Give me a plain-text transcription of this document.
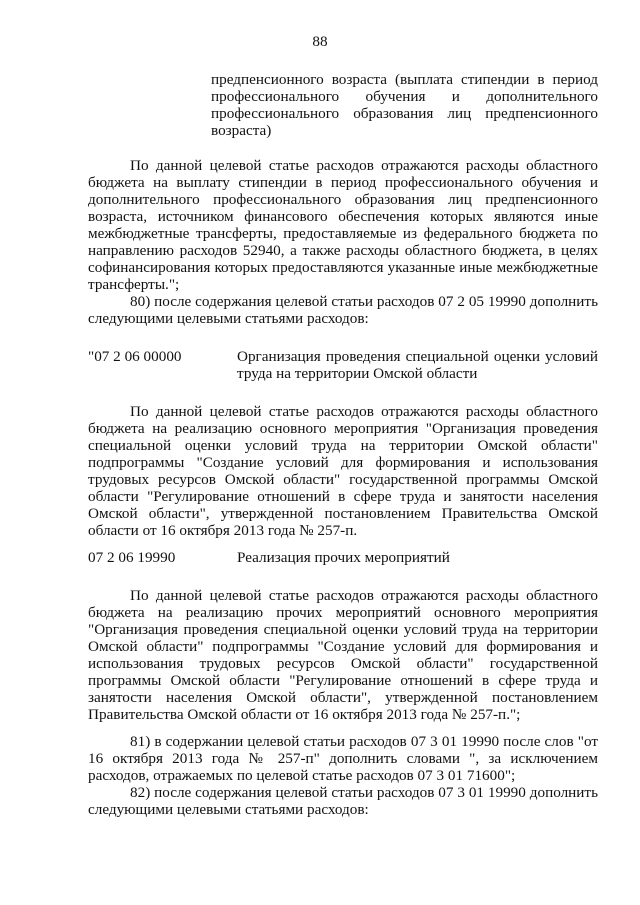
88
предпенсионного возраста (выплата стипендии в период профессионального обучения и дополнительного профессионального образования лиц предпенсионного возраста)
По данной целевой статье расходов отражаются расходы областного бюджета на выплату стипендии в период профессионального обучения и дополнительного профессионального образования лиц предпенсионного возраста, источником финансового обеспечения которых являются иные межбюджетные трансферты, предоставляемые из федерального бюджета по направлению расходов 52940, а также расходы областного бюджета, в целях софинансирования которых предоставляются указанные иные межбюджетные трансферты.";
80) после содержания целевой статьи расходов 07 2 05 19990 дополнить следующими целевыми статьями расходов:
"07 2 06 00000	Организация проведения специальной оценки условий труда на территории Омской области
По данной целевой статье расходов отражаются расходы областного бюджета на реализацию основного мероприятия "Организация проведения специальной оценки условий труда на территории Омской области" подпрограммы "Создание условий для формирования и использования трудовых ресурсов Омской области" государственной программы Омской области "Регулирование отношений в сфере труда и занятости населения Омской области", утвержденной постановлением Правительства Омской области от 16 октября 2013 года № 257-п.
07 2 06 19990	Реализация прочих мероприятий
По данной целевой статье расходов отражаются расходы областного бюджета на реализацию прочих мероприятий основного мероприятия "Организация проведения специальной оценки условий труда на территории Омской области" подпрограммы "Создание условий для формирования и использования трудовых ресурсов Омской области" государственной программы Омской области "Регулирование отношений в сфере труда и занятости населения Омской области", утвержденной постановлением Правительства Омской области от 16 октября 2013 года № 257-п.";
81) в содержании целевой статьи расходов 07 3 01 19990 после слов "от 16 октября 2013 года № 257-п" дополнить словами ", за исключением расходов, отражаемых по целевой статье расходов 07 3 01 71600";
82) после содержания целевой статьи расходов 07 3 01 19990 дополнить следующими целевыми статьями расходов:
